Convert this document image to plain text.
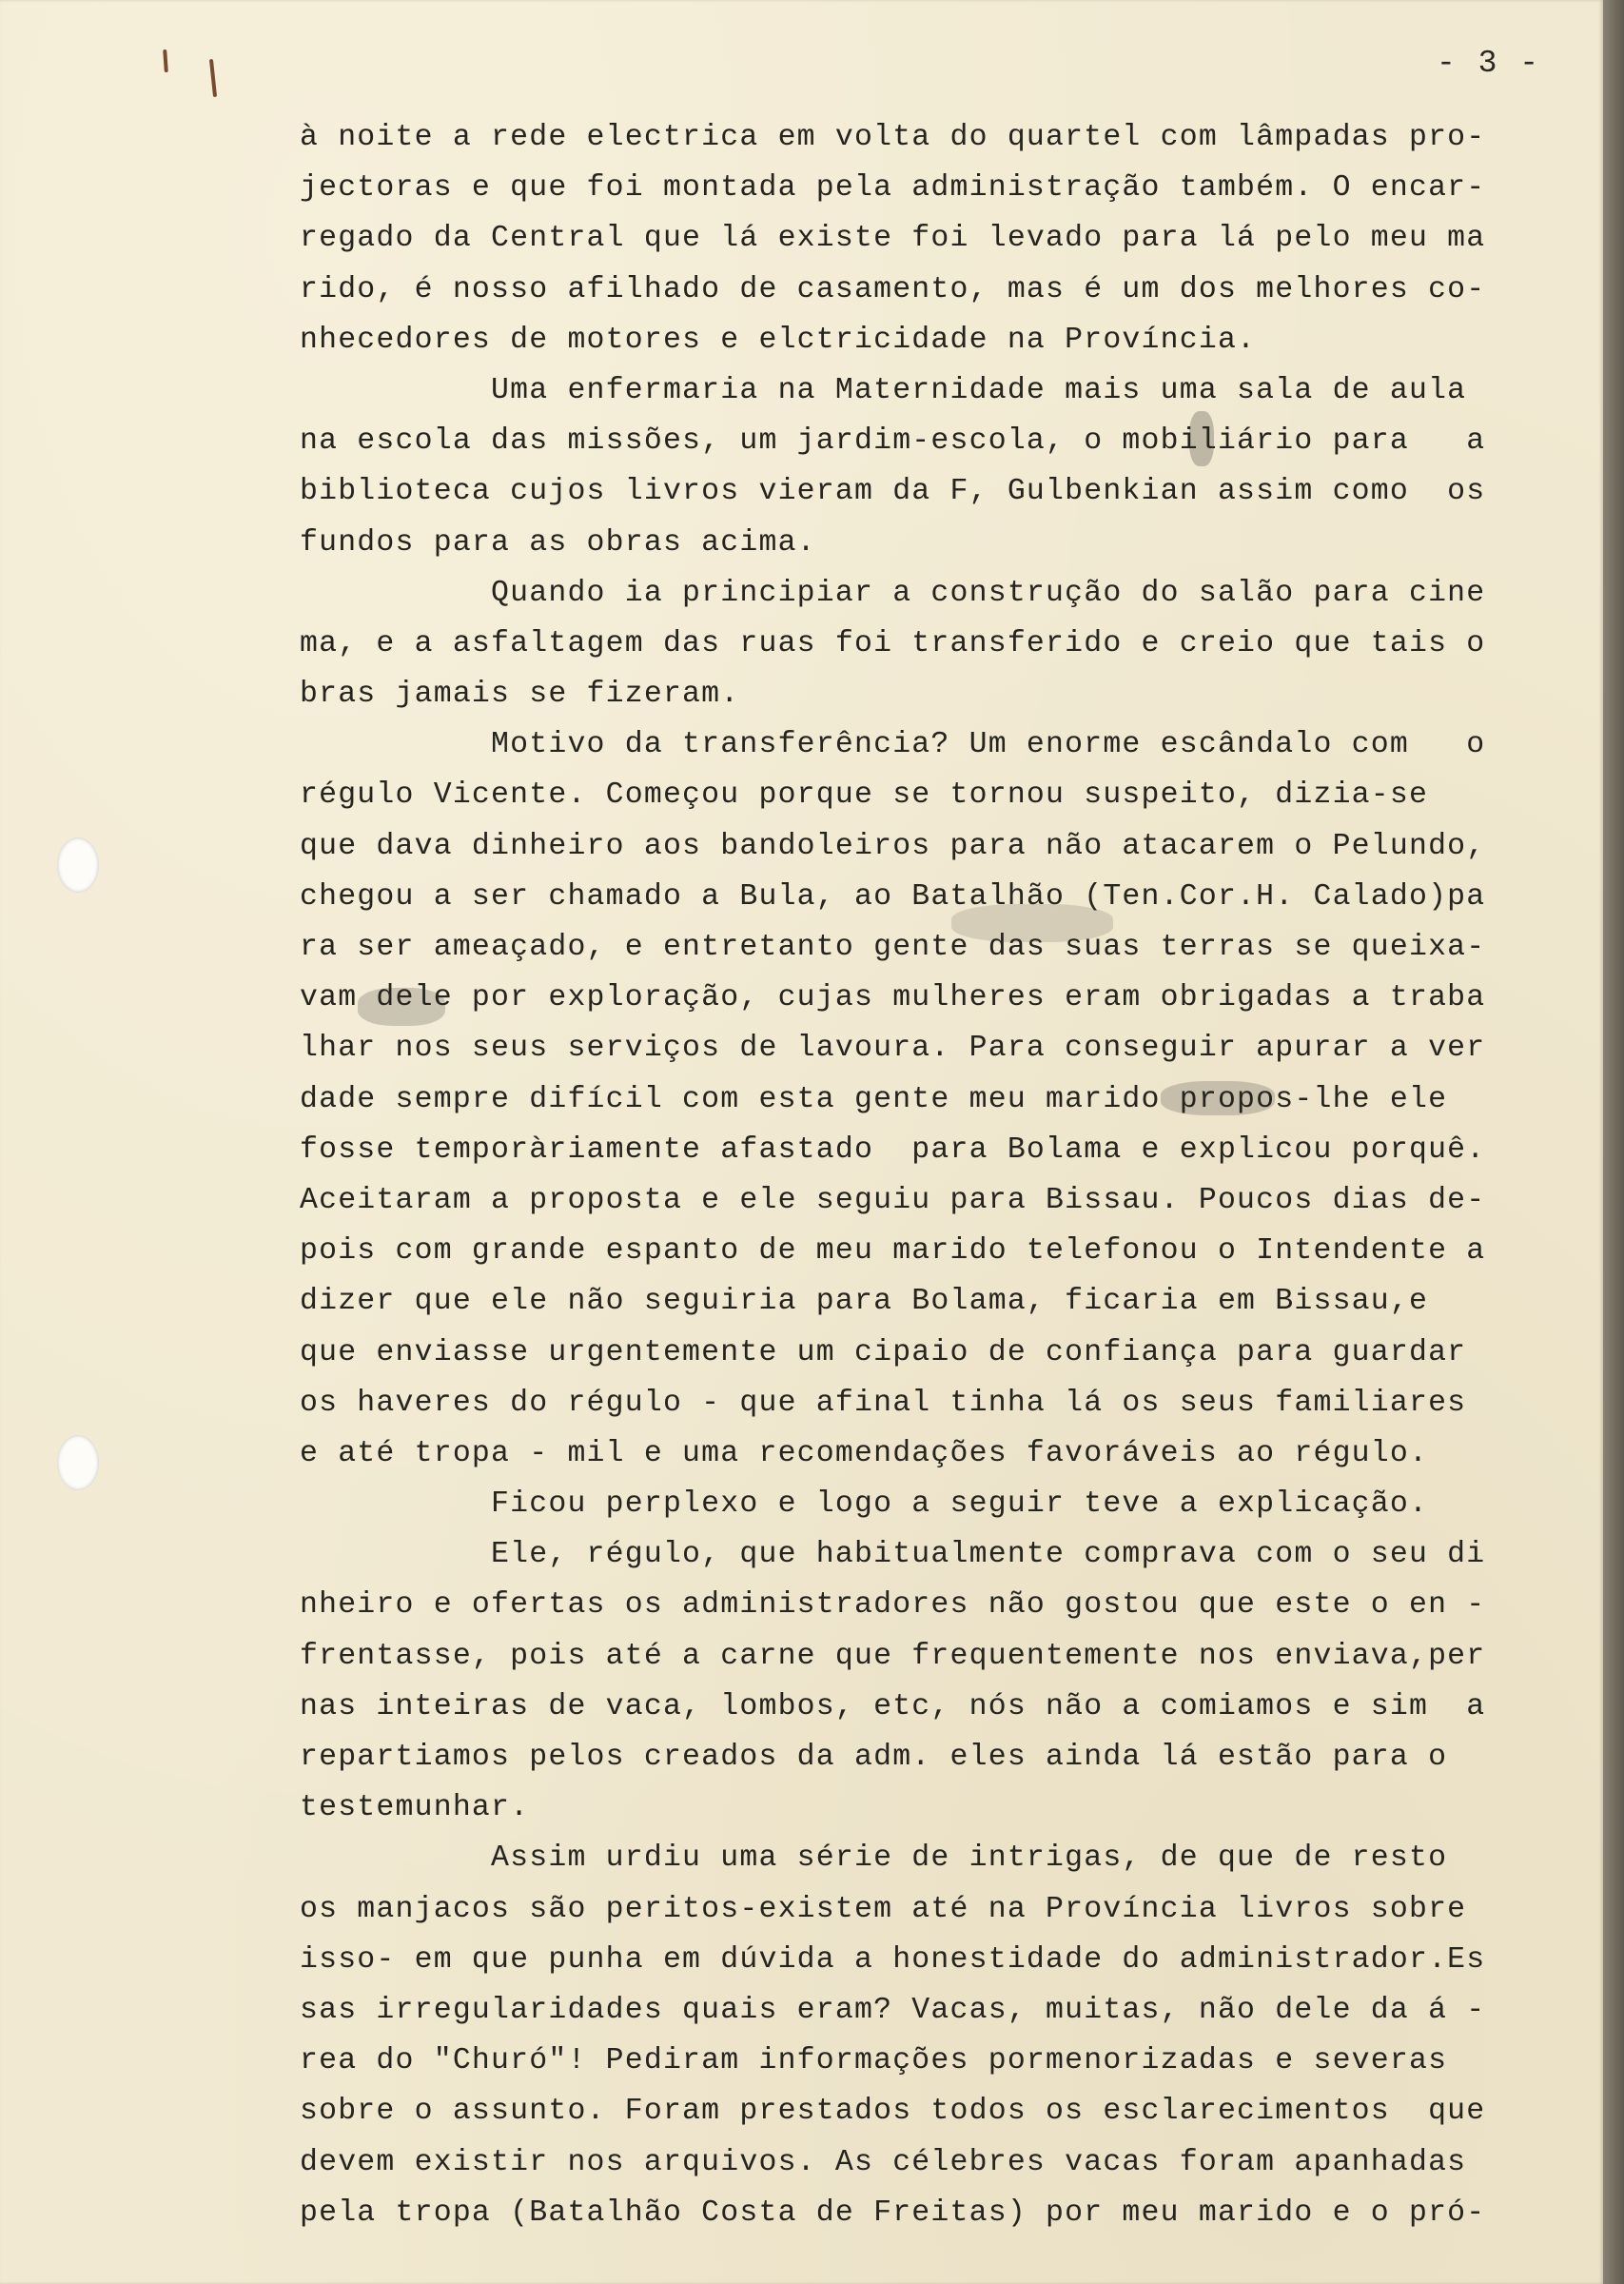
- 3 -
à noite a rede electrica em volta do quartel com lâmpadas pro-
jectoras e que foi montada pela administração também. O encar-
regado da Central que lá existe foi levado para lá pelo meu ma
rido, é nosso afilhado de casamento, mas é um dos melhores co-
nhecedores de motores e elctricidade na Província.
Uma enfermaria na Maternidade mais uma sala de aula
na escola das missões, um jardim-escola, o mobiliário para   a
biblioteca cujos livros vieram da F, Gulbenkian assim como  os
fundos para as obras acima.
Quando ia principiar a construção do salão para cine
ma, e a asfaltagem das ruas foi transferido e creio que tais o
bras jamais se fizeram.
Motivo da transferência? Um enorme escândalo com   o
régulo Vicente. Começou porque se tornou suspeito, dizia-se
que dava dinheiro aos bandoleiros para não atacarem o Pelundo,
chegou a ser chamado a Bula, ao Batalhão (Ten.Cor.H. Calado)pa
ra ser ameaçado, e entretanto gente das suas terras se queixa-
vam dele por exploração, cujas mulheres eram obrigadas a traba
lhar nos seus serviços de lavoura. Para conseguir apurar a ver
dade sempre difícil com esta gente meu marido propos-lhe ele
fosse temporàriamente afastado  para Bolama e explicou porquê.
Aceitaram a proposta e ele seguiu para Bissau. Poucos dias de-
pois com grande espanto de meu marido telefonou o Intendente a
dizer que ele não seguiria para Bolama, ficaria em Bissau,e
que enviasse urgentemente um cipaio de confiança para guardar
os haveres do régulo - que afinal tinha lá os seus familiares
e até tropa - mil e uma recomendações favoráveis ao régulo.
Ficou perplexo e logo a seguir teve a explicação.
Ele, régulo, que habitualmente comprava com o seu di
nheiro e ofertas os administradores não gostou que este o en -
frentasse, pois até a carne que frequentemente nos enviava,per
nas inteiras de vaca, lombos, etc, nós não a comiamos e sim  a
repartiamos pelos creados da adm. eles ainda lá estão para o
testemunhar.
Assim urdiu uma série de intrigas, de que de resto
os manjacos são peritos-existem até na Província livros sobre
isso- em que punha em dúvida a honestidade do administrador.Es
sas irregularidades quais eram? Vacas, muitas, não dele da á -
rea do "Churó"! Pediram informações pormenorizadas e severas
sobre o assunto. Foram prestados todos os esclarecimentos  que
devem existir nos arquivos. As célebres vacas foram apanhadas
pela tropa (Batalhão Costa de Freitas) por meu marido e o pró-
